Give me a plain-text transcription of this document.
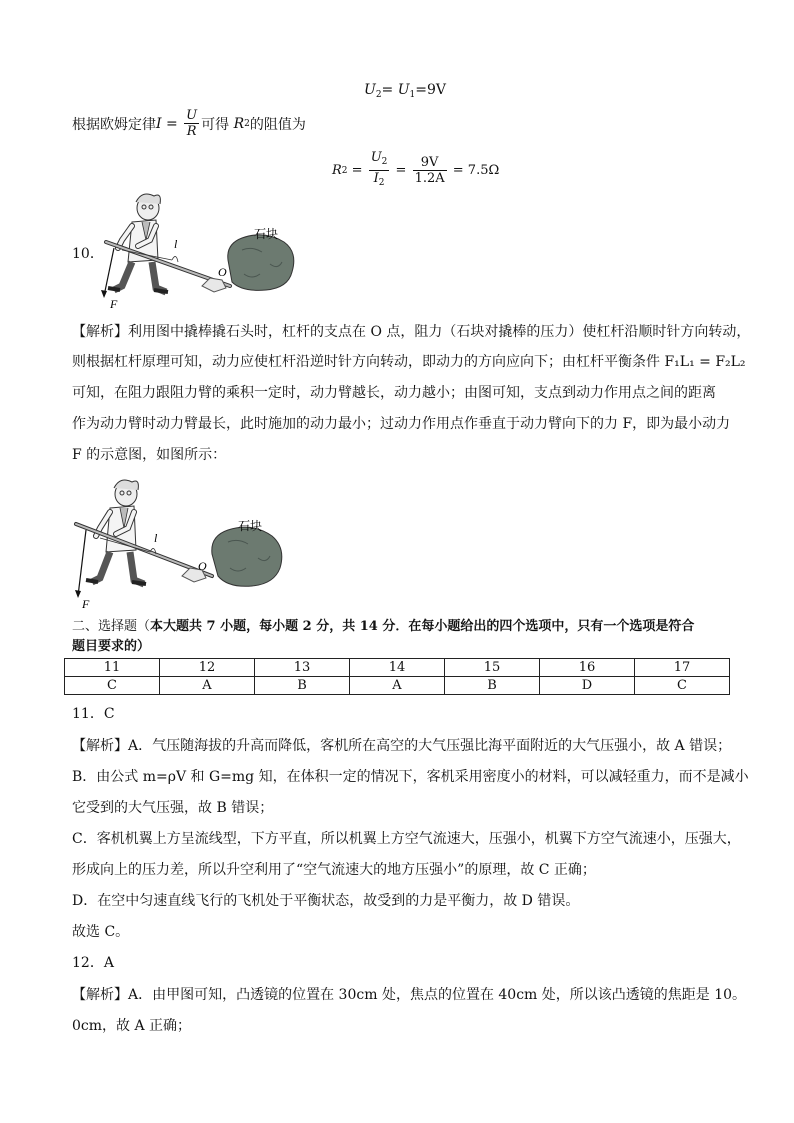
$U_2= U_1=9V$
根据欧姆定律 $I = \frac{U}{R}$ 可得 R 2 的阻值为
R $2 = \frac{U_2}{I_2} = \frac{9V}{1.2A} = 7.5\Omega$
10．
石块
l
O
F
【解析】利用图中撬棒撬石头时，杠杆的支点在 O 点，阻力（石块对撬棒的压力）使杠杆沿顺时针方向转动，
则根据杠杆原理可知，动力应使杠杆沿逆时针方向转动，即动力的方向应向下；由杠杆平衡条件 F₁L₁ = F₂L₂
可知，在阻力跟阻力臂的乘积一定时，动力臂越长，动力越小；由图可知，支点到动力作用点之间的距离
作为动力臂时动力臂最长，此时施加的动力最小；过动力作用点作垂直于动力臂向下的力 F，即为最小动力
F 的示意图，如图所示：
石块
l
O
F
二、选择题（本大题共 7 小题，每小题 2 分，共 14 分．在每小题给出的四个选项中，只有一个选项是符合
题目要求的）
11	12	13	14	15	16	17
C	A	B	A	B	D	C
11．C
【解析】A．气压随海拔的升高而降低，客机所在高空的大气压强比海平面附近的大气压强小，故 A 错误；
B．由公式 m=ρV 和 G=mg 知，在体积一定的情况下，客机采用密度小的材料，可以减轻重力，而不是减小
它受到的大气压强，故 B 错误；
C．客机机翼上方呈流线型，下方平直，所以机翼上方空气流速大，压强小，机翼下方空气流速小，压强大，
形成向上的压力差，所以升空利用了“空气流速大的地方压强小”的原理，故 C 正确；
D．在空中匀速直线飞行的飞机处于平衡状态，故受到的力是平衡力，故 D 错误。
故选 C。
12．A
【解析】A．由甲图可知，凸透镜的位置在 30cm 处，焦点的位置在 40cm 处，所以该凸透镜的焦距是 10。
0cm，故 A 正确；
